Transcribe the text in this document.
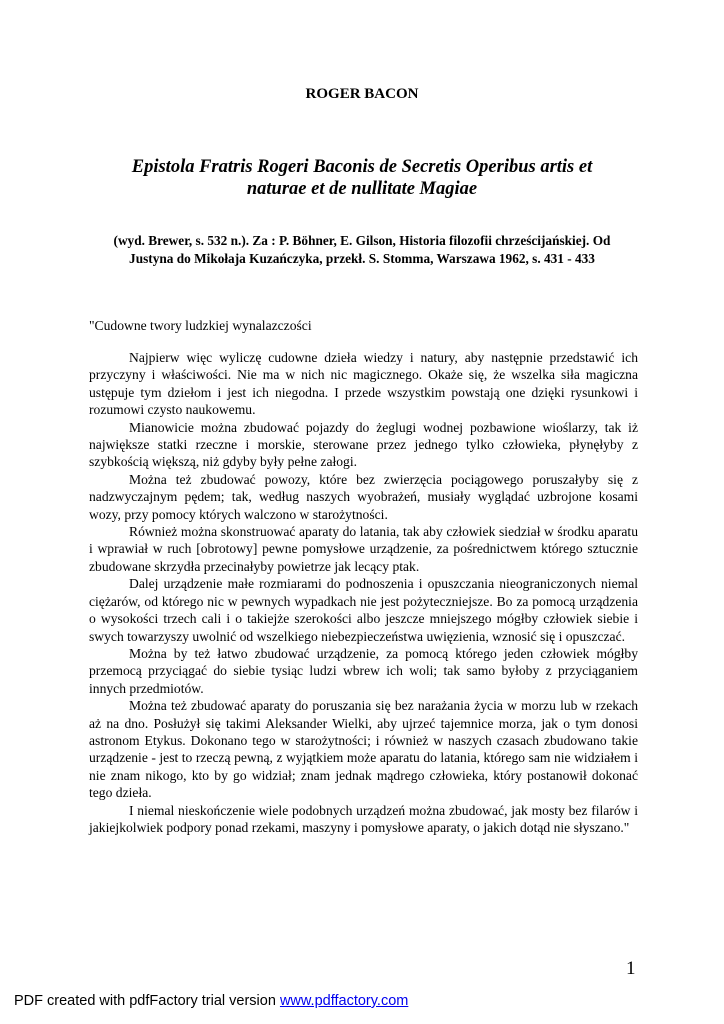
ROGER BACON
Epistola Fratris Rogeri Baconis de Secretis Operibus artis et
naturae et de nullitate Magiae
(wyd. Brewer, s. 532 n.). Za : P. Böhner, E. Gilson, Historia filozofii chrześcijańskiej. Od
Justyna do Mikołaja Kuzańczyka, przekł. S. Stomma, Warszawa 1962, s. 431 - 433
"Cudowne twory ludzkiej wynalazczości

Najpierw więc wyliczę cudowne dzieła wiedzy i natury, aby następnie przedstawić ich przyczyny i właściwości. Nie ma w nich nic magicznego. Okaże się, że wszelka siła magiczna ustępuje tym dziełom i jest ich niegodna. I przede wszystkim powstają one dzięki rysunkowi i rozumowi czysto naukowemu.

Mianowicie można zbudować pojazdy do żeglugi wodnej pozbawione wioślarzy, tak iż największe statki rzeczne i morskie, sterowane przez jednego tylko człowieka, płynęłyby z szybkością większą, niż gdyby były pełne załogi.

Można też zbudować powozy, które bez zwierzęcia pociągowego poruszałyby się z nadzwyczajnym pędem; tak, według naszych wyobrażeń, musiały wyglądać uzbrojone kosami wozy, przy pomocy których walczono w starożytności.

Również można skonstruować aparaty do latania, tak aby człowiek siedział w środku aparatu i wprawiał w ruch [obrotowy] pewne pomysłowe urządzenie, za pośrednictwem którego sztucznie zbudowane skrzydła przecinałyby powietrze jak lecący ptak.

Dalej urządzenie małe rozmiarami do podnoszenia i opuszczania nieograniczonych niemal ciężarów, od którego nic w pewnych wypadkach nie jest pożyteczniejsze. Bo za pomocą urządzenia o wysokości trzech cali i o takiejże szerokości albo jeszcze mniejszego mógłby człowiek siebie i swych towarzyszy uwolnić od wszelkiego niebezpieczeństwa uwięzienia, wznosić się i opuszczać.

Można by też łatwo zbudować urządzenie, za pomocą którego jeden człowiek mógłby przemocą przyciągać do siebie tysiąc ludzi wbrew ich woli; tak samo byłoby z przyciąganiem innych przedmiotów.

Można też zbudować aparaty do poruszania się bez narażania życia w morzu lub w rzekach aż na dno. Posłużył się takimi Aleksander Wielki, aby ujrzeć tajemnice morza, jak o tym donosi astronom Etykus. Dokonano tego w starożytności; i również w naszych czasach zbudowano takie urządzenie - jest to rzeczą pewną, z wyjątkiem może aparatu do latania, którego sam nie widziałem i nie znam nikogo, kto by go widział; znam jednak mądrego człowieka, który postanowił dokonać tego dzieła.

I niemal nieskończenie wiele podobnych urządzeń można zbudować, jak mosty bez filarów i jakiejkolwiek podpory ponad rzekami, maszyny i pomysłowe aparaty, o jakich dotąd nie słyszano."

1
PDF created with pdfFactory trial version www.pdffactory.com
